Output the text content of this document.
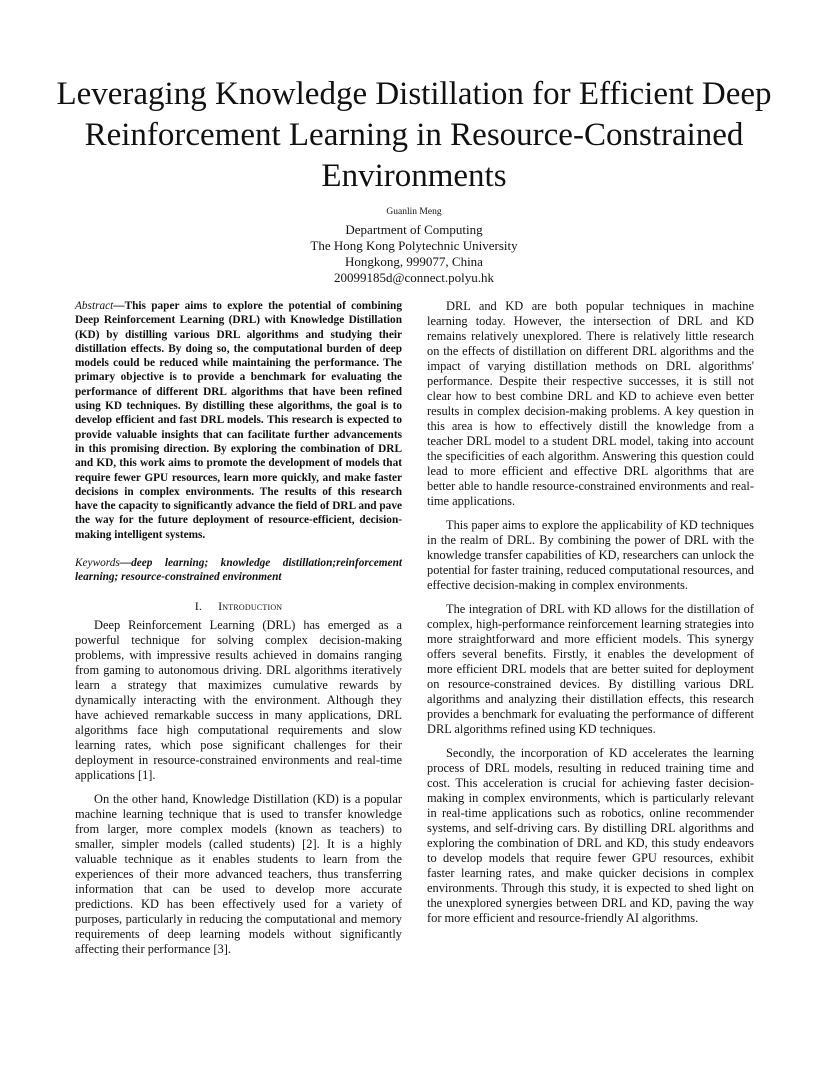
Leveraging Knowledge Distillation for Efficient Deep Reinforcement Learning in Resource-Constrained Environments

Guanlin Meng

Department of Computing
The Hong Kong Polytechnic University
Hongkong, 999077, China
20099185d@connect.polyu.hk

Abstract—This paper aims to explore the potential of combining Deep Reinforcement Learning (DRL) with Knowledge Distillation (KD) by distilling various DRL algorithms and studying their distillation effects. By doing so, the computational burden of deep models could be reduced while maintaining the performance. The primary objective is to provide a benchmark for evaluating the performance of different DRL algorithms that have been refined using KD techniques. By distilling these algorithms, the goal is to develop efficient and fast DRL models. This research is expected to provide valuable insights that can facilitate further advancements in this promising direction. By exploring the combination of DRL and KD, this work aims to promote the development of models that require fewer GPU resources, learn more quickly, and make faster decisions in complex environments. The results of this research have the capacity to significantly advance the field of DRL and pave the way for the future deployment of resource-efficient, decision-making intelligent systems.

Keywords—deep learning; knowledge distillation;reinforcement learning; resource-constrained environment

I. Introduction

Deep Reinforcement Learning (DRL) has emerged as a powerful technique for solving complex decision-making problems, with impressive results achieved in domains ranging from gaming to autonomous driving. DRL algorithms iteratively learn a strategy that maximizes cumulative rewards by dynamically interacting with the environment. Although they have achieved remarkable success in many applications, DRL algorithms face high computational requirements and slow learning rates, which pose significant challenges for their deployment in resource-constrained environments and real-time applications [1].

On the other hand, Knowledge Distillation (KD) is a popular machine learning technique that is used to transfer knowledge from larger, more complex models (known as teachers) to smaller, simpler models (called students) [2]. It is a highly valuable technique as it enables students to learn from the experiences of their more advanced teachers, thus transferring information that can be used to develop more accurate predictions. KD has been effectively used for a variety of purposes, particularly in reducing the computational and memory requirements of deep learning models without significantly affecting their performance [3].

DRL and KD are both popular techniques in machine learning today. However, the intersection of DRL and KD remains relatively unexplored. There is relatively little research on the effects of distillation on different DRL algorithms and the impact of varying distillation methods on DRL algorithms' performance. Despite their respective successes, it is still not clear how to best combine DRL and KD to achieve even better results in complex decision-making problems. A key question in this area is how to effectively distill the knowledge from a teacher DRL model to a student DRL model, taking into account the specificities of each algorithm. Answering this question could lead to more efficient and effective DRL algorithms that are better able to handle resource-constrained environments and real-time applications.

This paper aims to explore the applicability of KD techniques in the realm of DRL. By combining the power of DRL with the knowledge transfer capabilities of KD, researchers can unlock the potential for faster training, reduced computational resources, and effective decision-making in complex environments.

The integration of DRL with KD allows for the distillation of complex, high-performance reinforcement learning strategies into more straightforward and more efficient models. This synergy offers several benefits. Firstly, it enables the development of more efficient DRL models that are better suited for deployment on resource-constrained devices. By distilling various DRL algorithms and analyzing their distillation effects, this research provides a benchmark for evaluating the performance of different DRL algorithms refined using KD techniques.

Secondly, the incorporation of KD accelerates the learning process of DRL models, resulting in reduced training time and cost. This acceleration is crucial for achieving faster decision-making in complex environments, which is particularly relevant in real-time applications such as robotics, online recommender systems, and self-driving cars. By distilling DRL algorithms and exploring the combination of DRL and KD, this study endeavors to develop models that require fewer GPU resources, exhibit faster learning rates, and make quicker decisions in complex environments. Through this study, it is expected to shed light on the unexplored synergies between DRL and KD, paving the way for more efficient and resource-friendly AI algorithms.
